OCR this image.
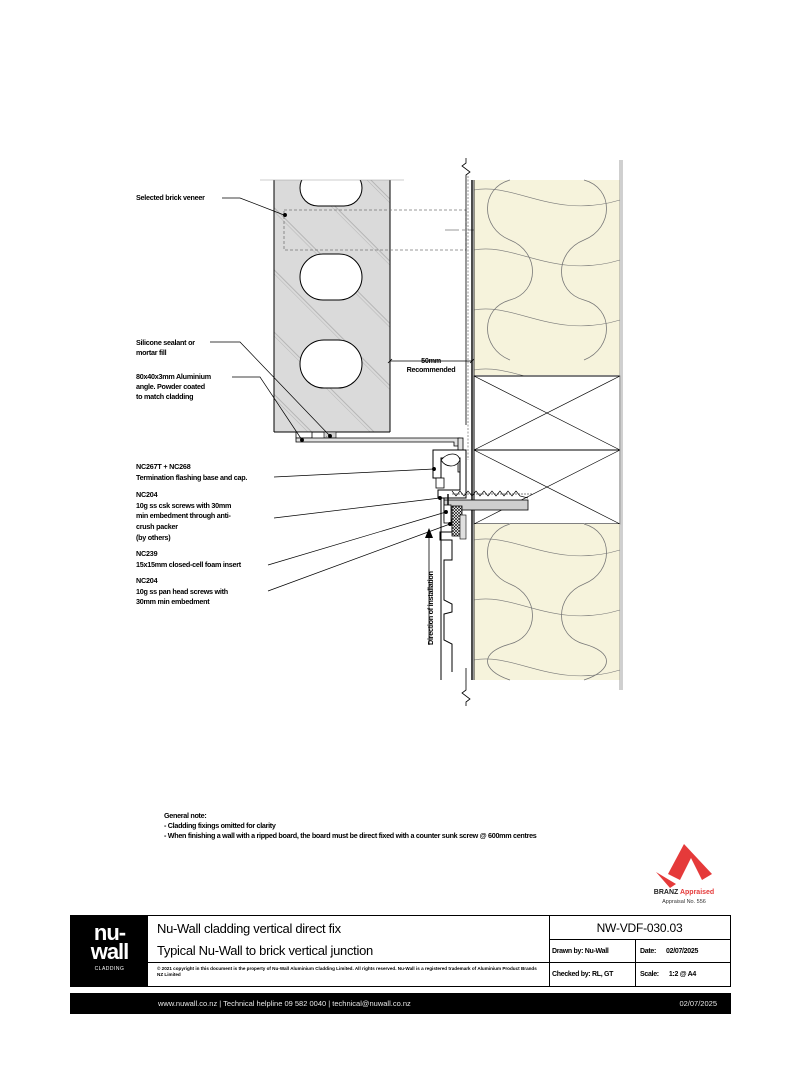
50mm
Recommended
Direction of installation
Selected brick veneer
Silicone sealant or
mortar fill
80x40x3mm Aluminium
angle. Powder coated
to match cladding
NC267T + NC268
Termination flashing base and cap.
NC204
10g ss csk screws with 30mm
min embedment through anti-
crush packer
(by others)
NC239
15x15mm closed-cell foam insert
NC204
10g ss pan head screws with
30mm min embedment
General note:
- Cladding fixings omitted for clarity
- When finishing a wall with a ripped board, the board must be direct fixed with a counter sunk screw @ 600mm centres
BRANZ Appraised
Appraisal No. 556
nu-
wall
CLADDING
Nu-Wall cladding vertical direct fix
Typical Nu-Wall to brick vertical junction
© 2021 copyright in this document is the property of Nu-Wall Aluminium Cladding Limited. All rights reserved. Nu-Wall is a registered trademark of Aluminium Product Brands NZ Limited
NW-VDF-030.03
Drawn by: Nu-Wall	Date: 02/07/2025
Checked by: RL, GT	Scale: 1:2 @ A4
www.nuwall.co.nz | Technical helpline 09 582 0040 | technical@nuwall.co.nz	02/07/2025
